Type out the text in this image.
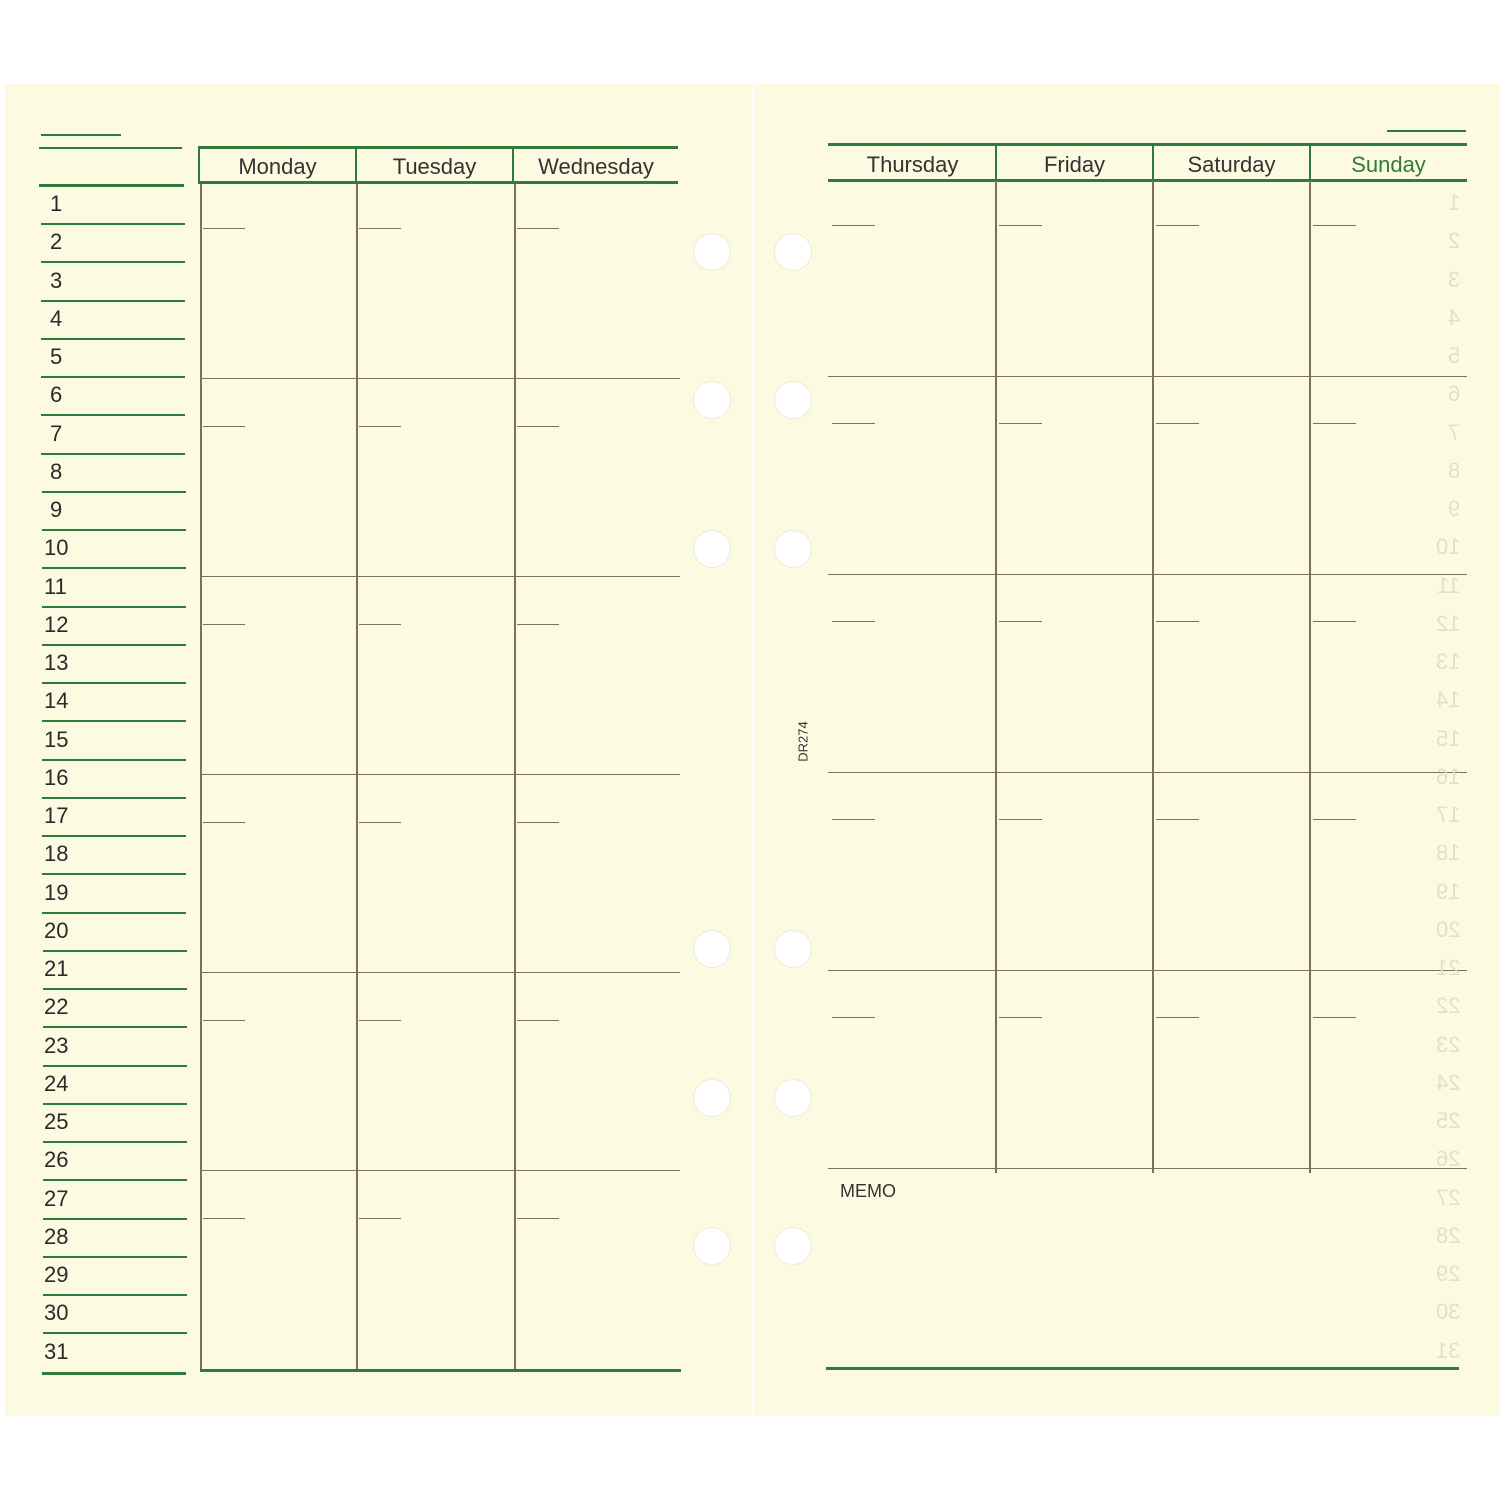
1
2
3
4
5
6
7
8
9
10
11
12
13
14
15
16
17
18
19
20
21
22
23
24
25
26
27
28
29
30
31
Monday	Tuesday	Wednesday	Thursday	Friday	Saturday	Sunday
1
2
3
4
5
6
7
8
9
10
11
12
13
14
15
16
17
18
19
20
21
22
23
24
25
26
27
28
29
30
31
MEMO
DR274
